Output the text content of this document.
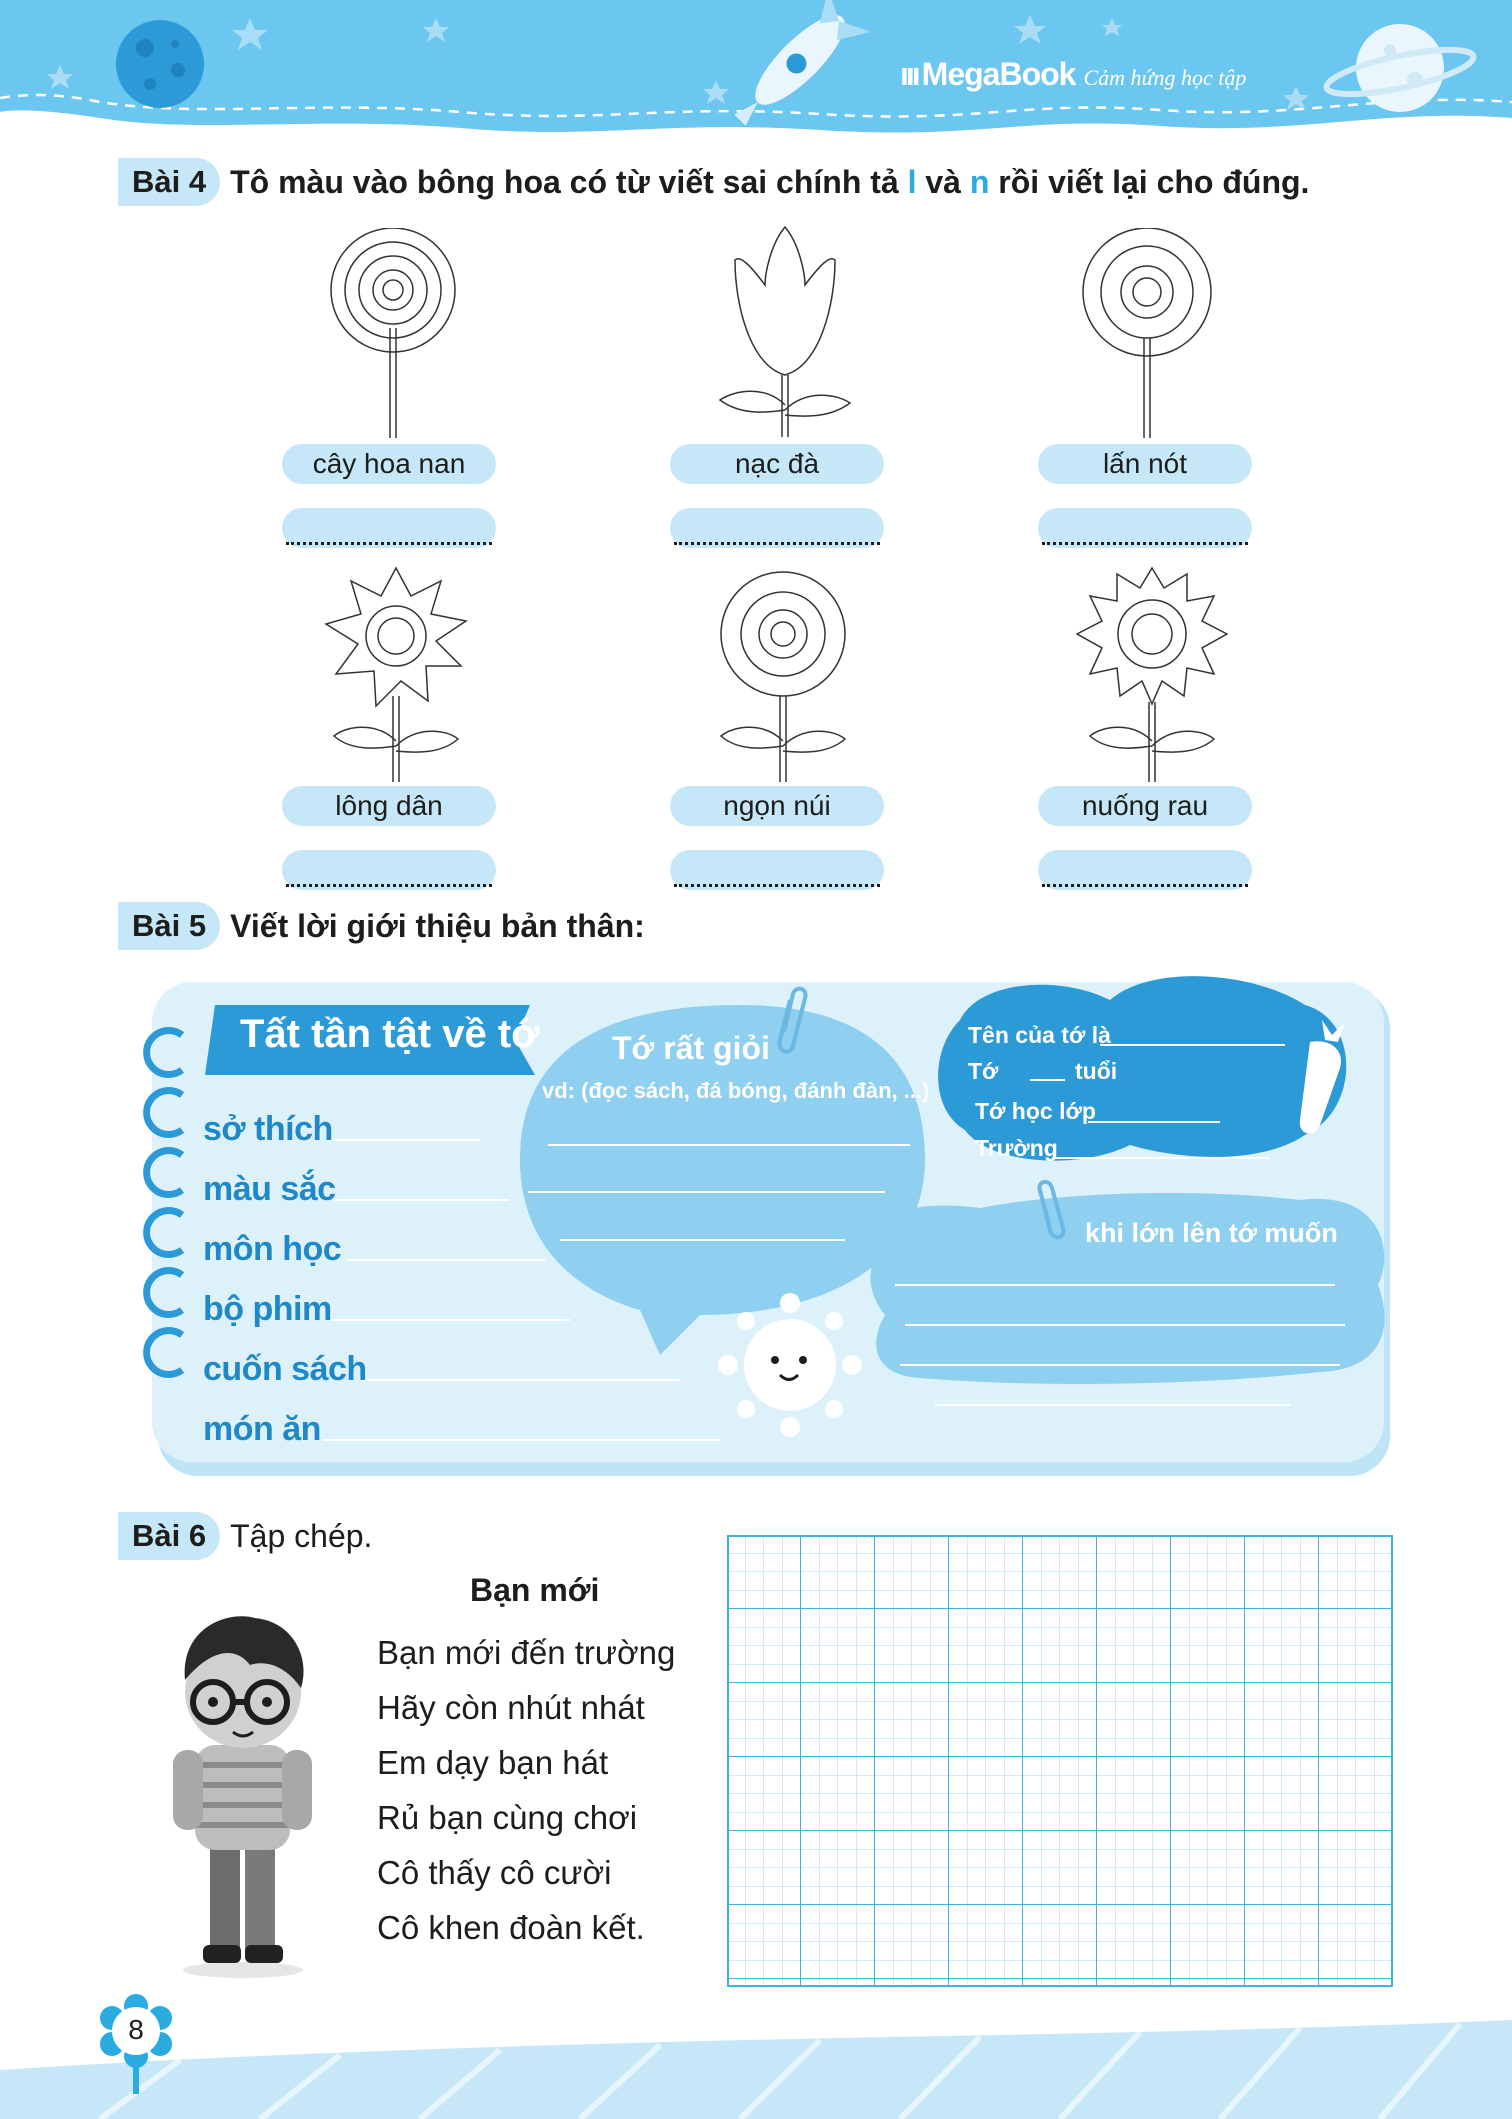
ııı MegaBook Cảm hứng học tập
Bài 4 Tô màu vào bông hoa có từ viết sai chính tả l và n rồi viết lại cho đúng.
cây hoa nan	nạc đà	lấn nót
lông dân	ngọn núi	nuống rau
Bài 5 Viết lời giới thiệu bản thân:
Tất tần tật về tớ
sở thích
màu sắc
môn học
bộ phim
cuốn sách
món ăn
Tớ rất giỏi
vd: (đọc sách, đá bóng, đánh đàn, ...)
Tên của tớ là
Tớ	tuổi
Tớ học lớp
Trường
khi lớn lên tớ muốn
Bài 6 Tập chép.
Bạn mới
Bạn mới đến trường
Hãy còn nhút nhát
Em dạy bạn hát
Rủ bạn cùng chơi
Cô thấy cô cười
Cô khen đoàn kết.
8
